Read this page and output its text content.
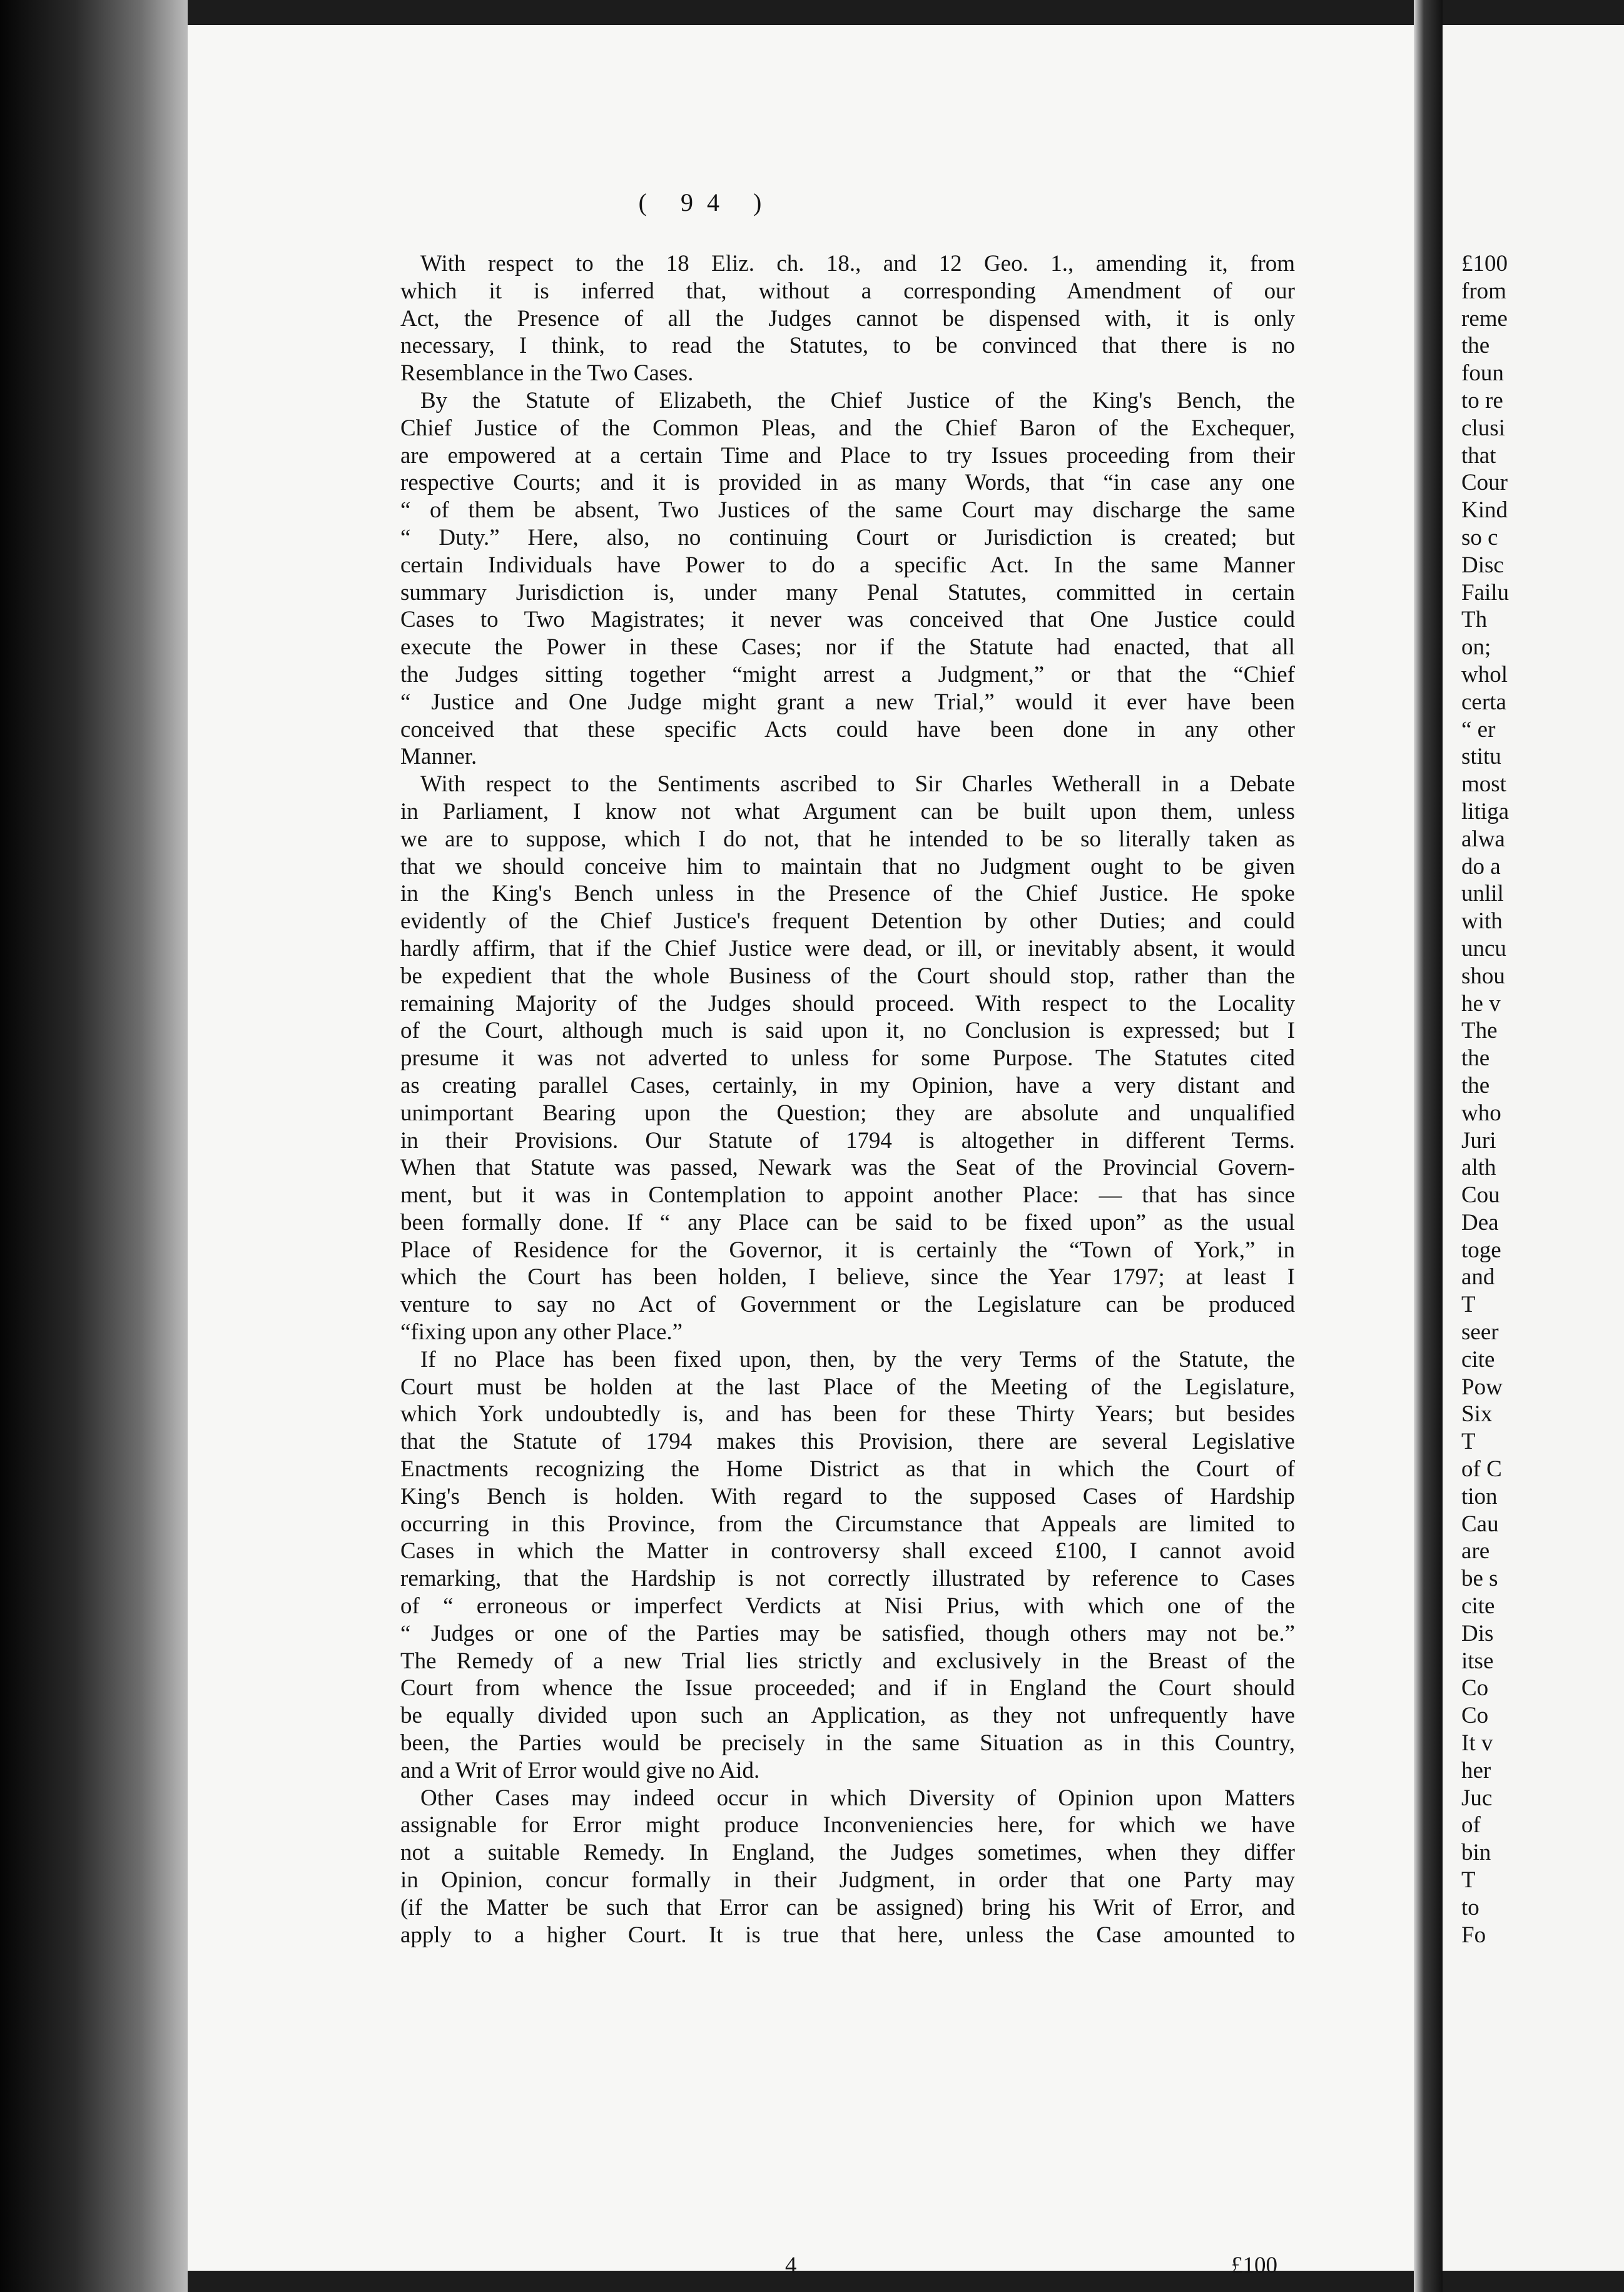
( 94 )
With respect to the 18 Eliz. ch. 18., and 12 Geo. 1., amending it, from
which it is inferred that, without a corresponding Amendment of our
Act, the Presence of all the Judges cannot be dispensed with, it is only
necessary, I think, to read the Statutes, to be convinced that there is no
Resemblance in the Two Cases.
By the Statute of Elizabeth, the Chief Justice of the King's Bench, the
Chief Justice of the Common Pleas, and the Chief Baron of the Exchequer,
are empowered at a certain Time and Place to try Issues proceeding from their
respective Courts; and it is provided in as many Words, that “in case any one
“ of them be absent, Two Justices of the same Court may discharge the same
“ Duty.” Here, also, no continuing Court or Jurisdiction is created; but
certain Individuals have Power to do a specific Act. In the same Manner
summary Jurisdiction is, under many Penal Statutes, committed in certain
Cases to Two Magistrates; it never was conceived that One Justice could
execute the Power in these Cases; nor if the Statute had enacted, that all
the Judges sitting together “might arrest a Judgment,” or that the “Chief
“ Justice and One Judge might grant a new Trial,” would it ever have been
conceived that these specific Acts could have been done in any other
Manner.
With respect to the Sentiments ascribed to Sir Charles Wetherall in a Debate
in Parliament, I know not what Argument can be built upon them, unless
we are to suppose, which I do not, that he intended to be so literally taken as
that we should conceive him to maintain that no Judgment ought to be given
in the King's Bench unless in the Presence of the Chief Justice. He spoke
evidently of the Chief Justice's frequent Detention by other Duties; and could
hardly affirm, that if the Chief Justice were dead, or ill, or inevitably absent, it would
be expedient that the whole Business of the Court should stop, rather than the
remaining Majority of the Judges should proceed. With respect to the Locality
of the Court, although much is said upon it, no Conclusion is expressed; but I
presume it was not adverted to unless for some Purpose. The Statutes cited
as creating parallel Cases, certainly, in my Opinion, have a very distant and
unimportant Bearing upon the Question; they are absolute and unqualified
in their Provisions. Our Statute of 1794 is altogether in different Terms.
When that Statute was passed, Newark was the Seat of the Provincial Govern-
ment, but it was in Contemplation to appoint another Place: — that has since
been formally done. If “ any Place can be said to be fixed upon” as the usual
Place of Residence for the Governor, it is certainly the “Town of York,” in
which the Court has been holden, I believe, since the Year 1797; at least I
venture to say no Act of Government or the Legislature can be produced
“fixing upon any other Place.”
If no Place has been fixed upon, then, by the very Terms of the Statute, the
Court must be holden at the last Place of the Meeting of the Legislature,
which York undoubtedly is, and has been for these Thirty Years; but besides
that the Statute of 1794 makes this Provision, there are several Legislative
Enactments recognizing the Home District as that in which the Court of
King's Bench is holden. With regard to the supposed Cases of Hardship
occurring in this Province, from the Circumstance that Appeals are limited to
Cases in which the Matter in controversy shall exceed £100, I cannot avoid
remarking, that the Hardship is not correctly illustrated by reference to Cases
of “ erroneous or imperfect Verdicts at Nisi Prius, with which one of the
“ Judges or one of the Parties may be satisfied, though others may not be.”
The Remedy of a new Trial lies strictly and exclusively in the Breast of the
Court from whence the Issue proceeded; and if in England the Court should
be equally divided upon such an Application, as they not unfrequently have
been, the Parties would be precisely in the same Situation as in this Country,
and a Writ of Error would give no Aid.
Other Cases may indeed occur in which Diversity of Opinion upon Matters
assignable for Error might produce Inconveniencies here, for which we have
not a suitable Remedy. In England, the Judges sometimes, when they differ
in Opinion, concur formally in their Judgment, in order that one Party may
(if the Matter be such that Error can be assigned) bring his Writ of Error, and
apply to a higher Court. It is true that here, unless the Case amounted to
4	£100
£100
from
reme
the
foun
to re
clusi
that
Cour
Kind
so c
Disc
Failu
Th
on;
whol
certa
“ er
stitu
most
litiga
alwa
do a
unlil
with
uncu
shou
he v
The
the
the
who
Juri
alth
Cou
Dea
toge
and
T
seer
cite
Pow
Six
T
of C
tion
Cau
are
be s
cite
Dis
itse
Co
Co
It v
her
Juc
of
bin
T
to
Fo
